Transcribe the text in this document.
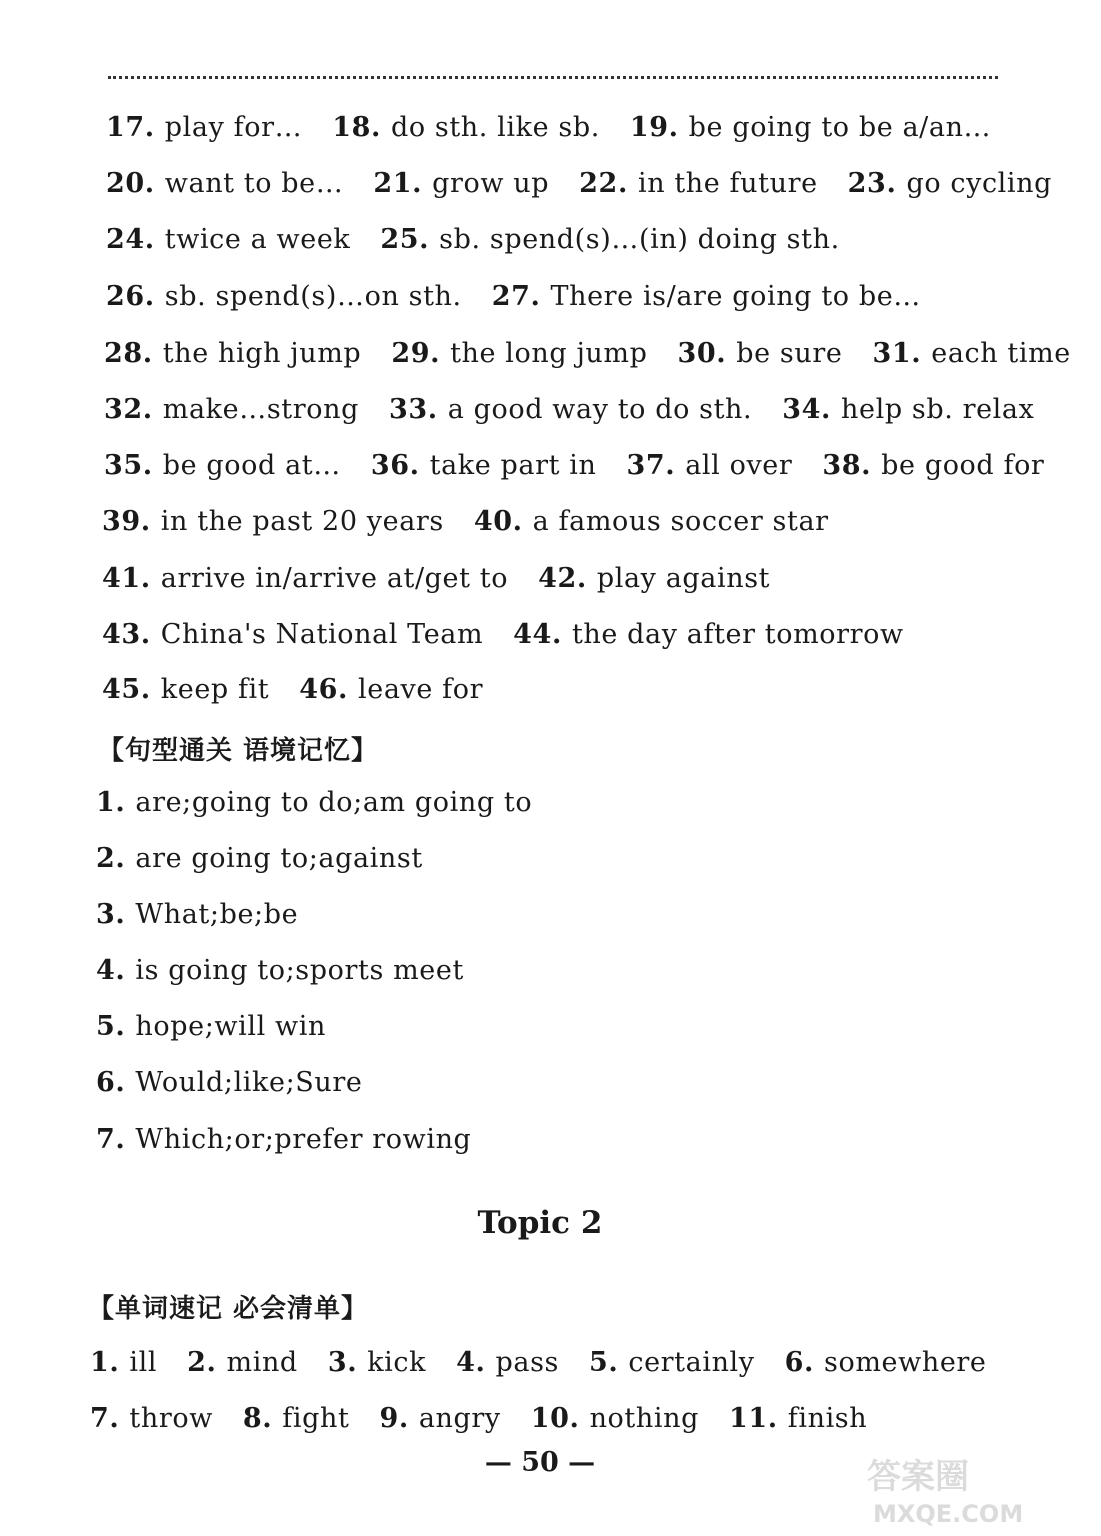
17. play for… 18. do sth. like sb. 19. be going to be a/an…
20. want to be… 21. grow up 22. in the future 23. go cycling
24. twice a week 25. sb. spend(s)…(in) doing sth.
26. sb. spend(s)…on sth. 27. There is/are going to be…
28. the high jump 29. the long jump 30. be sure 31. each time
32. make…strong 33. a good way to do sth. 34. help sb. relax
35. be good at… 36. take part in 37. all over 38. be good for
39. in the past 20 years 40. a famous soccer star
41. arrive in/arrive at/get to 42. play against
43. China's National Team 44. the day after tomorrow
45. keep fit 46. leave for
【句型通关 语境记忆】
1. are;going to do;am going to
2. are going to;against
3. What;be;be
4. is going to;sports meet
5. hope;will win
6. Would;like;Sure
7. Which;or;prefer rowing
Topic 2
【单词速记 必会清单】
1. ill 2. mind 3. kick 4. pass 5. certainly 6. somewhere
7. throw 8. fight 9. angry 10. nothing 11. finish
— 50 —	答案圈
MXQE.COM
